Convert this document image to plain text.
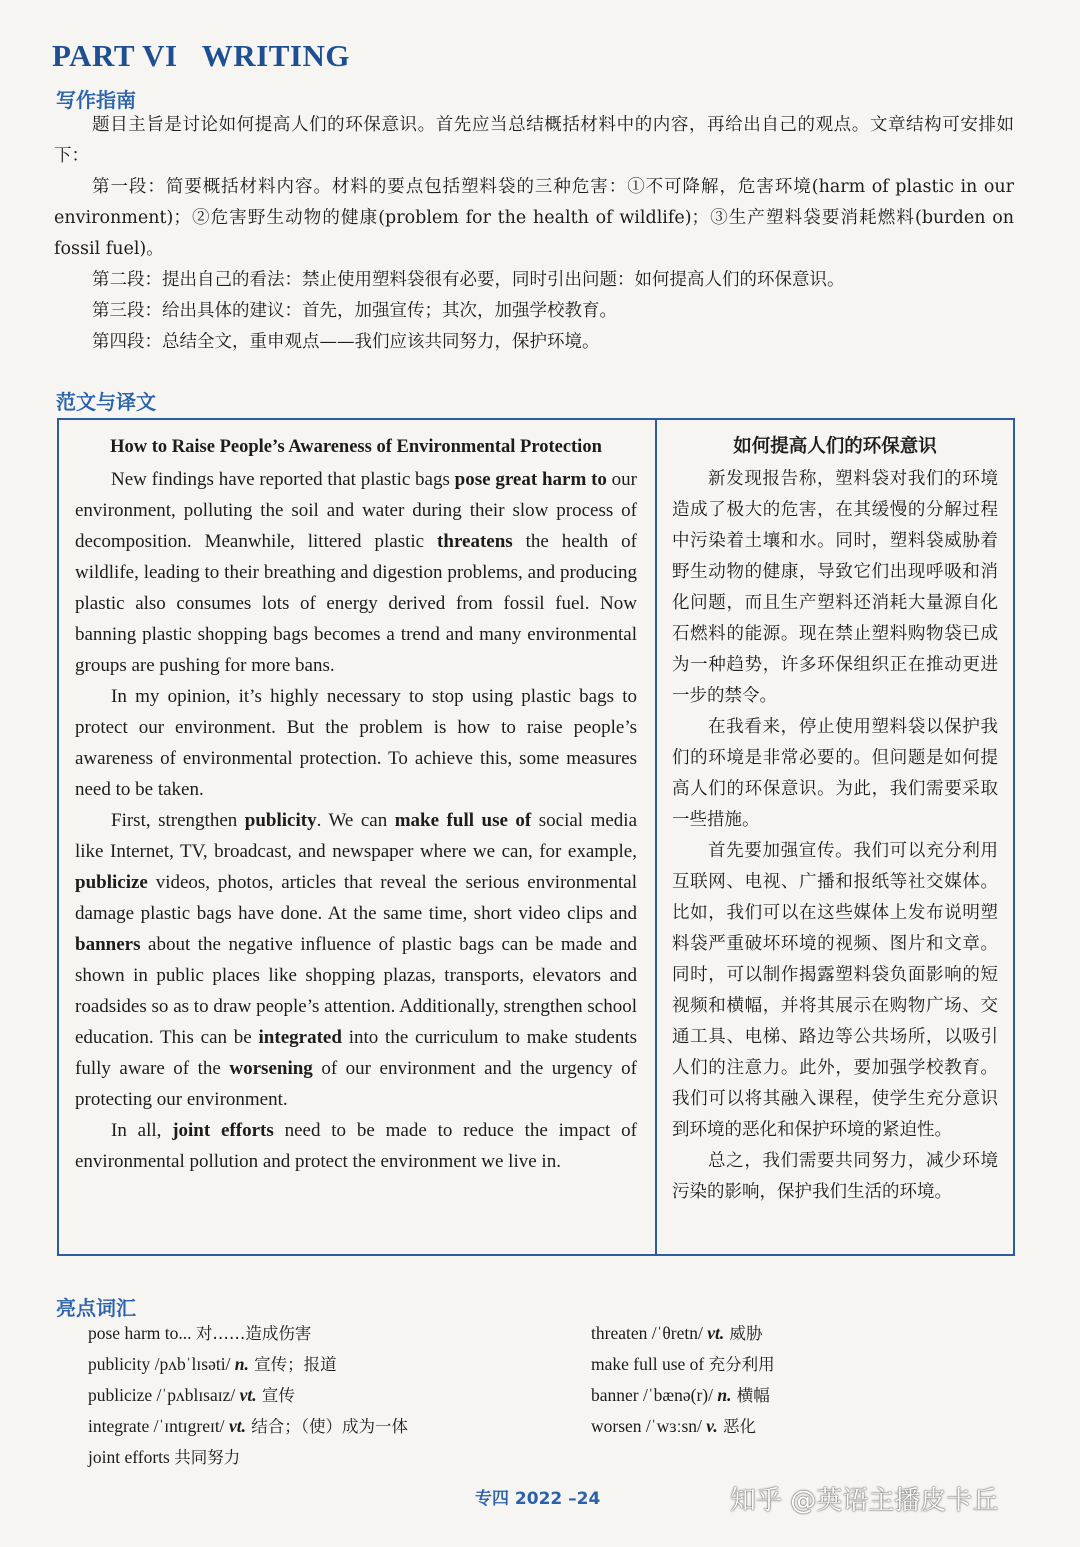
PART VI   WRITING
写作指南

题目主旨是讨论如何提高人们的环保意识。首先应当总结概括材料中的内容，再给出自己的观点。文章结构可安排如下：

第一段：简要概括材料内容。材料的要点包括塑料袋的三种危害：①不可降解，危害环境(harm of plastic in our environment)；②危害野生动物的健康(problem for the health of wildlife)；③生产塑料袋要消耗燃料(burden on fossil fuel)。

第二段：提出自己的看法：禁止使用塑料袋很有必要，同时引出问题：如何提高人们的环保意识。

第三段：给出具体的建议：首先，加强宣传；其次，加强学校教育。

第四段：总结全文，重申观点——我们应该共同努力，保护环境。

范文与译文
How to Raise People’s Awareness of Environmental Protection

New findings have reported that plastic bags pose great harm to our environment, polluting the soil and water during their slow process of decomposition. Meanwhile, littered plastic threatens the health of wildlife, leading to their breathing and digestion problems, and producing plastic also consumes lots of energy derived from fossil fuel. Now banning plastic shopping bags becomes a trend and many environmental groups are pushing for more bans.

In my opinion, it’s highly necessary to stop using plastic bags to protect our environment. But the problem is how to raise people’s awareness of environmental protection. To achieve this, some measures need to be taken.

First, strengthen publicity. We can make full use of social media like Internet, TV, broadcast, and newspaper where we can, for example, publicize videos, photos, articles that reveal the serious environmental damage plastic bags have done. At the same time, short video clips and banners about the negative influence of plastic bags can be made and shown in public places like shopping plazas, transports, elevators and roadsides so as to draw people’s attention. Additionally, strengthen school education. This can be integrated into the curriculum to make students fully aware of the worsening of our environment and the urgency of protecting our environment.

In all, joint efforts need to be made to reduce the impact of environmental pollution and protect the environment we live in.

如何提高人们的环保意识

新发现报告称，塑料袋对我们的环境造成了极大的危害，在其缓慢的分解过程中污染着土壤和水。同时，塑料袋威胁着野生动物的健康，导致它们出现呼吸和消化问题，而且生产塑料还消耗大量源自化石燃料的能源。现在禁止塑料购物袋已成为一种趋势，许多环保组织正在推动更进一步的禁令。

在我看来，停止使用塑料袋以保护我们的环境是非常必要的。但问题是如何提高人们的环保意识。为此，我们需要采取一些措施。

首先要加强宣传。我们可以充分利用互联网、电视、广播和报纸等社交媒体。比如，我们可以在这些媒体上发布说明塑料袋严重破坏环境的视频、图片和文章。同时，可以制作揭露塑料袋负面影响的短视频和横幅，并将其展示在购物广场、交通工具、电梯、路边等公共场所，以吸引人们的注意力。此外，要加强学校教育。我们可以将其融入课程，使学生充分意识到环境的恶化和保护环境的紧迫性。

总之，我们需要共同努力，减少环境污染的影响，保护我们生活的环境。

亮点词汇
pose harm to... 对……造成伤害
publicity /pʌbˈlɪsəti/ n. 宣传；报道
publicize /ˈpʌblɪsaɪz/ vt. 宣传
integrate /ˈɪntɪgreɪt/ vt. 结合；（使）成为一体
joint efforts 共同努力
threaten /ˈθretn/ vt. 威胁
make full use of 充分利用
banner /ˈbænə(r)/ n. 横幅
worsen /ˈwɜːsn/ v. 恶化
专四 2022 –24	知乎 @英语主播皮卡丘
